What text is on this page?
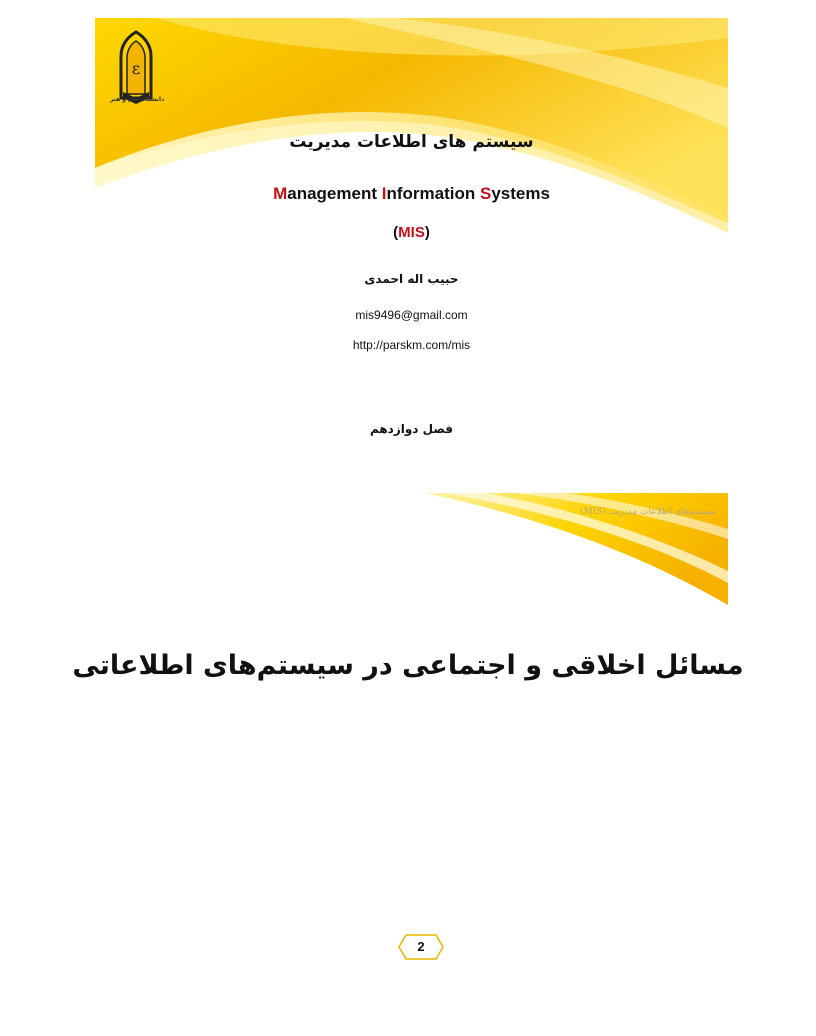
ε
دانشگاه علم و هنر
سیستم های اطلاعات مدیریت
Management Information Systems
(MIS)
حبیب اله احمدی
mis9496@gmail.com
http://parskm.com/mis
فصل دوازدهم
سیستم‌های اطلاعات مدیریت (MIS)
مسائل اخلاقی و اجتماعی در سیستم‌های اطلاعاتی
2
